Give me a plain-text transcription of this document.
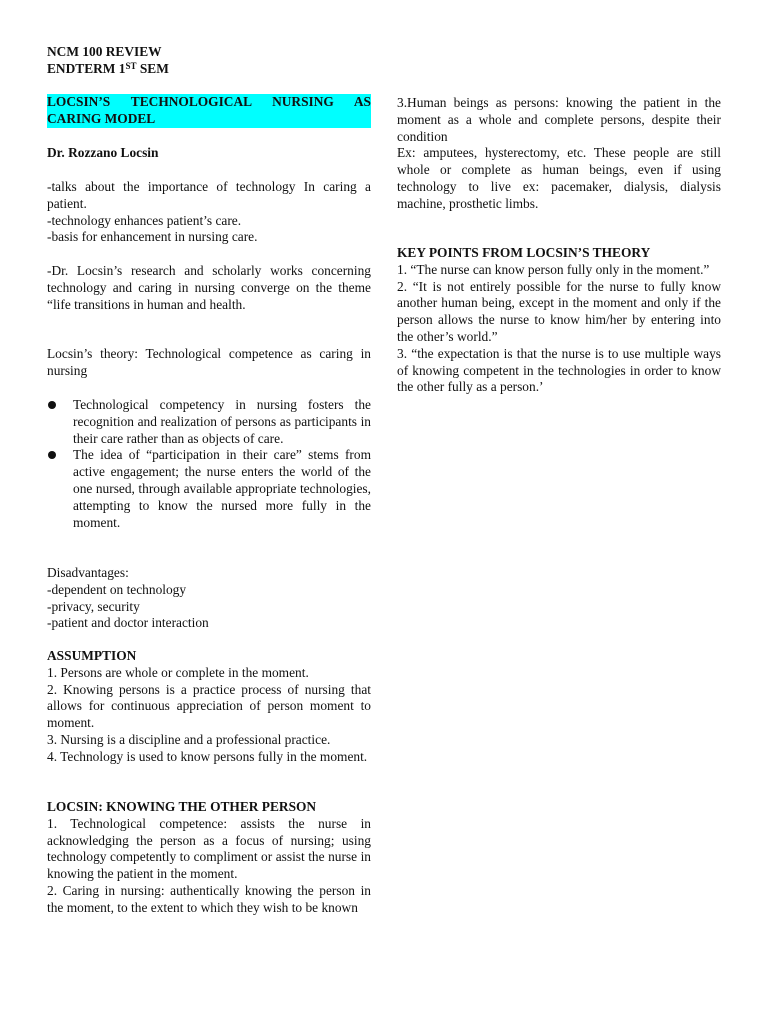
NCM 100 REVIEW

ENDTERM 1ST SEM

LOCSIN’S TECHNOLOGICAL NURSING AS CARING MODEL

Dr. Rozzano Locsin

-talks about the importance of technology In caring a patient.

-technology enhances patient’s care.

-basis for enhancement in nursing care.

-Dr. Locsin’s research and scholarly works concerning technology and caring in nursing converge on the theme “life transitions in human and health.

Locsin’s theory: Technological competence as caring in nursing

Technological competency in nursing fosters the recognition and realization of persons as participants in their care rather than as objects of care.
The idea of “participation in their care” stems from active engagement; the nurse enters the world of the one nursed, through available appropriate technologies, attempting to know the nursed more fully in the moment.

Disadvantages:

-dependent on technology

-privacy, security

-patient and doctor interaction

ASSUMPTION

1. Persons are whole or complete in the moment.

2. Knowing persons is a practice process of nursing that allows for continuous appreciation of person moment to moment.

3. Nursing is a discipline and a professional practice.

4. Technology is used to know persons fully in the moment.

LOCSIN: KNOWING THE OTHER PERSON

1. Technological competence: assists the nurse in acknowledging the person as a focus of nursing; using technology competently to compliment or assist the nurse in knowing the patient in the moment.

2. Caring in nursing: authentically knowing the person in the moment, to the extent to which they wish to be known

3.Human beings as persons: knowing the patient in the moment as a whole and complete persons, despite their condition

Ex: amputees, hysterectomy, etc. These people are still whole or complete as human beings, even if using technology to live ex: pacemaker, dialysis, dialysis machine, prosthetic limbs.

KEY POINTS FROM LOCSIN’S THEORY

1. “The nurse can know person fully only in the moment.”

2. “It is not entirely possible for the nurse to fully know another human being, except in the moment and only if the person allows the nurse to know him/her by entering into the other’s world.”

3. “the expectation is that the nurse is to use multiple ways of knowing competent in the technologies in order to know the other fully as a person.’
